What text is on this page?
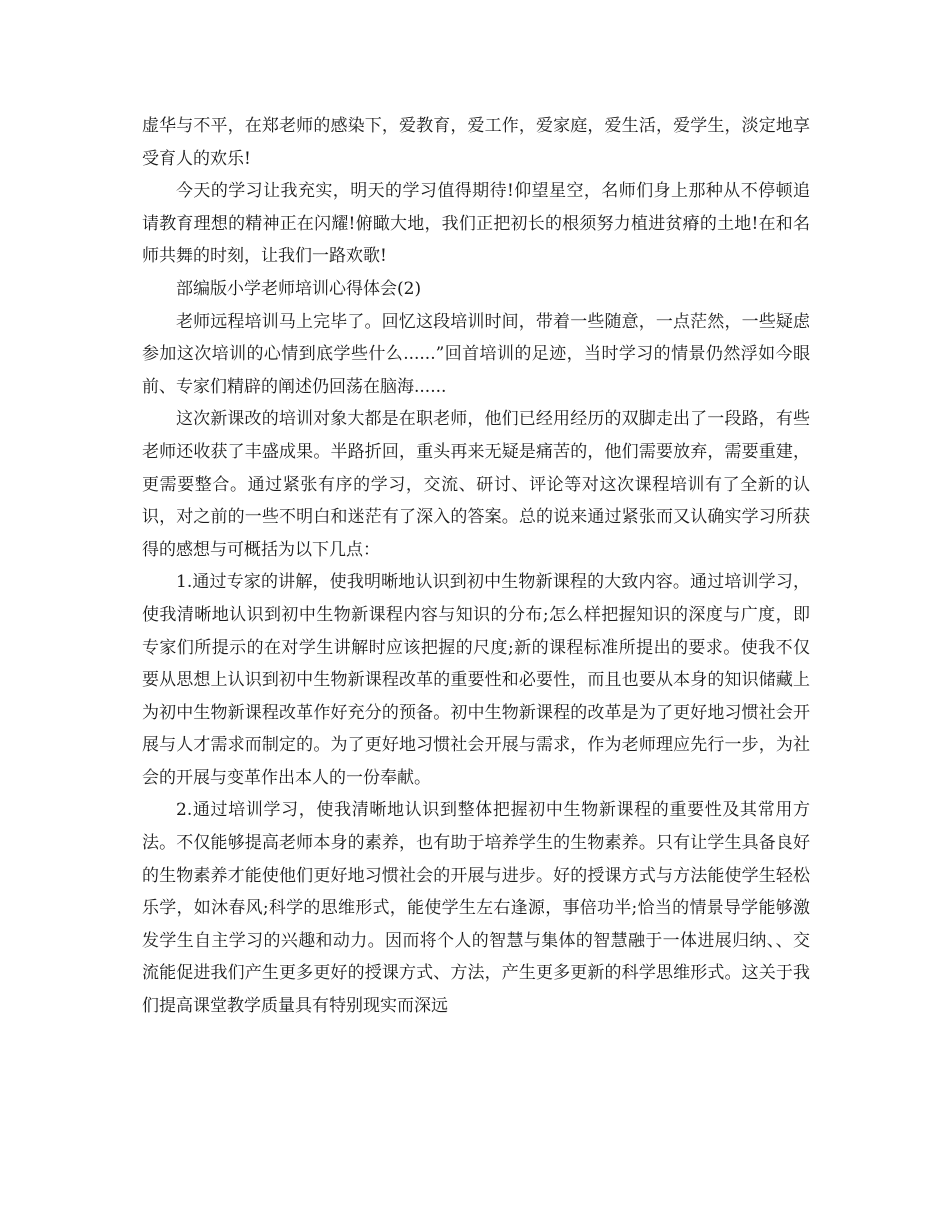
虚华与不平，在郑老师的感染下，爱教育，爱工作，爱家庭，爱生活，爱学生，淡定地享受育人的欢乐!

今天的学习让我充实，明天的学习值得期待!仰望星空，名师们身上那种从不停顿追请教育理想的精神正在闪耀!俯瞰大地，我们正把初长的根须努力植进贫瘠的土地!在和名师共舞的时刻，让我们一路欢歌!

部编版小学老师培训心得体会(2)

老师远程培训马上完毕了。回忆这段培训时间，带着一些随意，一点茫然，一些疑虑参加这次培训的心情到底学些什么......”回首培训的足迹，当时学习的情景仍然浮如今眼前、专家们精辟的阐述仍回荡在脑海......

这次新课改的培训对象大都是在职老师，他们已经用经历的双脚走出了一段路，有些老师还收获了丰盛成果。半路折回，重头再来无疑是痛苦的，他们需要放弃，需要重建，更需要整合。通过紧张有序的学习，交流、研讨、评论等对这次课程培训有了全新的认识，对之前的一些不明白和迷茫有了深入的答案。总的说来通过紧张而又认确实学习所获得的感想与可概括为以下几点：

1.通过专家的讲解，使我明晰地认识到初中生物新课程的大致内容。通过培训学习，使我清晰地认识到初中生物新课程内容与知识的分布;怎么样把握知识的深度与广度，即专家们所提示的在对学生讲解时应该把握的尺度;新的课程标准所提出的要求。使我不仅要从思想上认识到初中生物新课程改革的重要性和必要性，而且也要从本身的知识储藏上为初中生物新课程改革作好充分的预备。初中生物新课程的改革是为了更好地习惯社会开展与人才需求而制定的。为了更好地习惯社会开展与需求，作为老师理应先行一步，为社会的开展与变革作出本人的一份奉献。

2.通过培训学习，使我清晰地认识到整体把握初中生物新课程的重要性及其常用方法。不仅能够提高老师本身的素养，也有助于培养学生的生物素养。只有让学生具备良好的生物素养才能使他们更好地习惯社会的开展与进步。好的授课方式与方法能使学生轻松乐学，如沐春风;科学的思维形式，能使学生左右逢源，事倍功半;恰当的情景导学能够激发学生自主学习的兴趣和动力。因而将个人的智慧与集体的智慧融于一体进展归纳、、交流能促进我们产生更多更好的授课方式、方法，产生更多更新的科学思维形式。这关于我们提高课堂教学质量具有特别现实而深远
